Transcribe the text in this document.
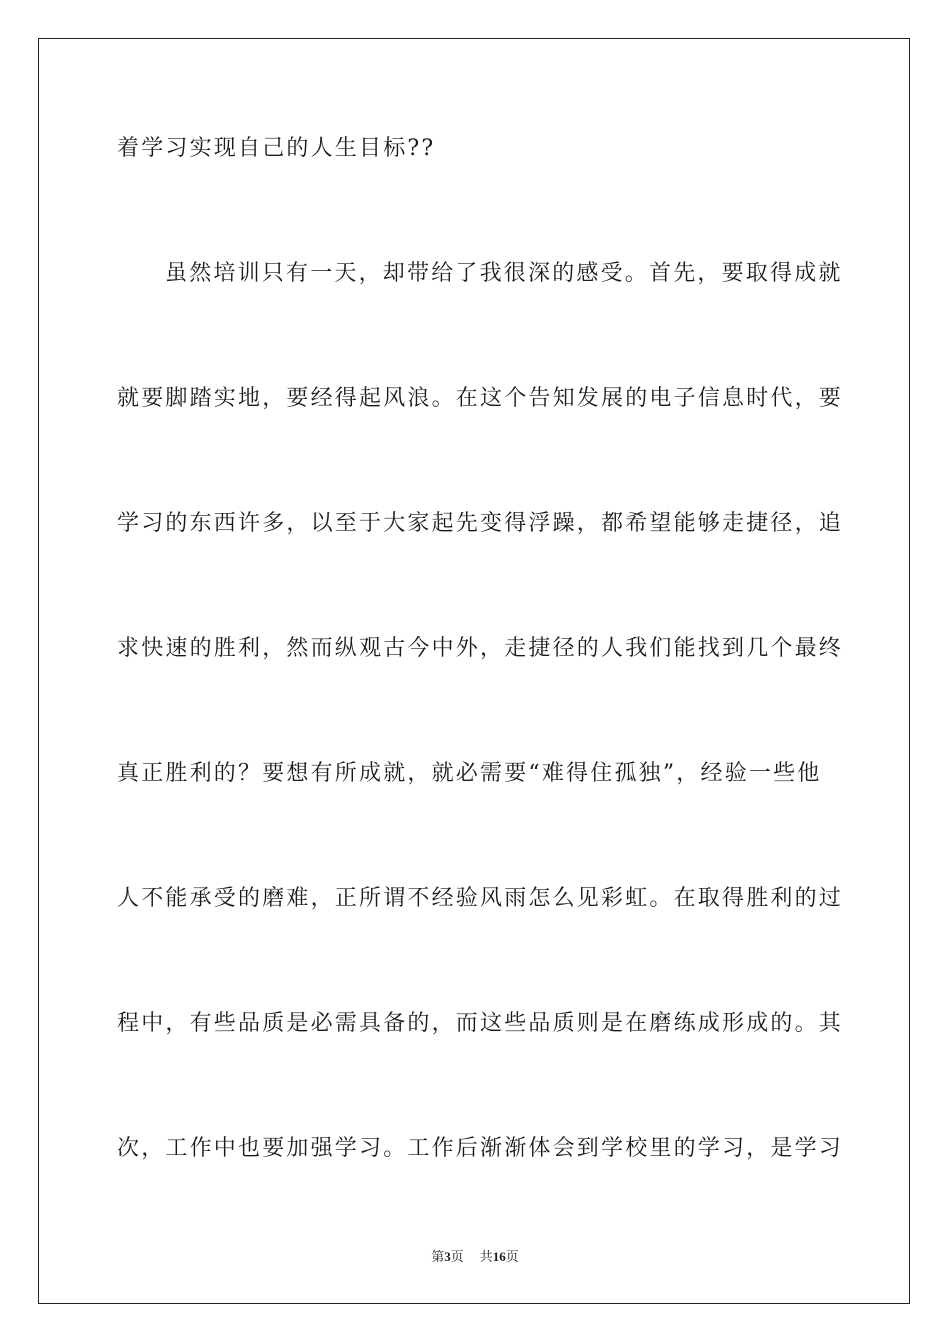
着学习实现自己的人生目标??
虽然培训只有一天，却带给了我很深的感受。首先，要取得成就
就要脚踏实地，要经得起风浪。在这个告知发展的电子信息时代，要
学习的东西许多，以至于大家起先变得浮躁，都希望能够走捷径，追
求快速的胜利，然而纵观古今中外，走捷径的人我们能找到几个最终
真正胜利的？要想有所成就，就必需要“难得住孤独”，经验一些他
人不能承受的磨难，正所谓不经验风雨怎么见彩虹。在取得胜利的过
程中，有些品质是必需具备的，而这些品质则是在磨练成形成的。其
次，工作中也要加强学习。工作后渐渐体会到学校里的学习，是学习
第3页 共16页
